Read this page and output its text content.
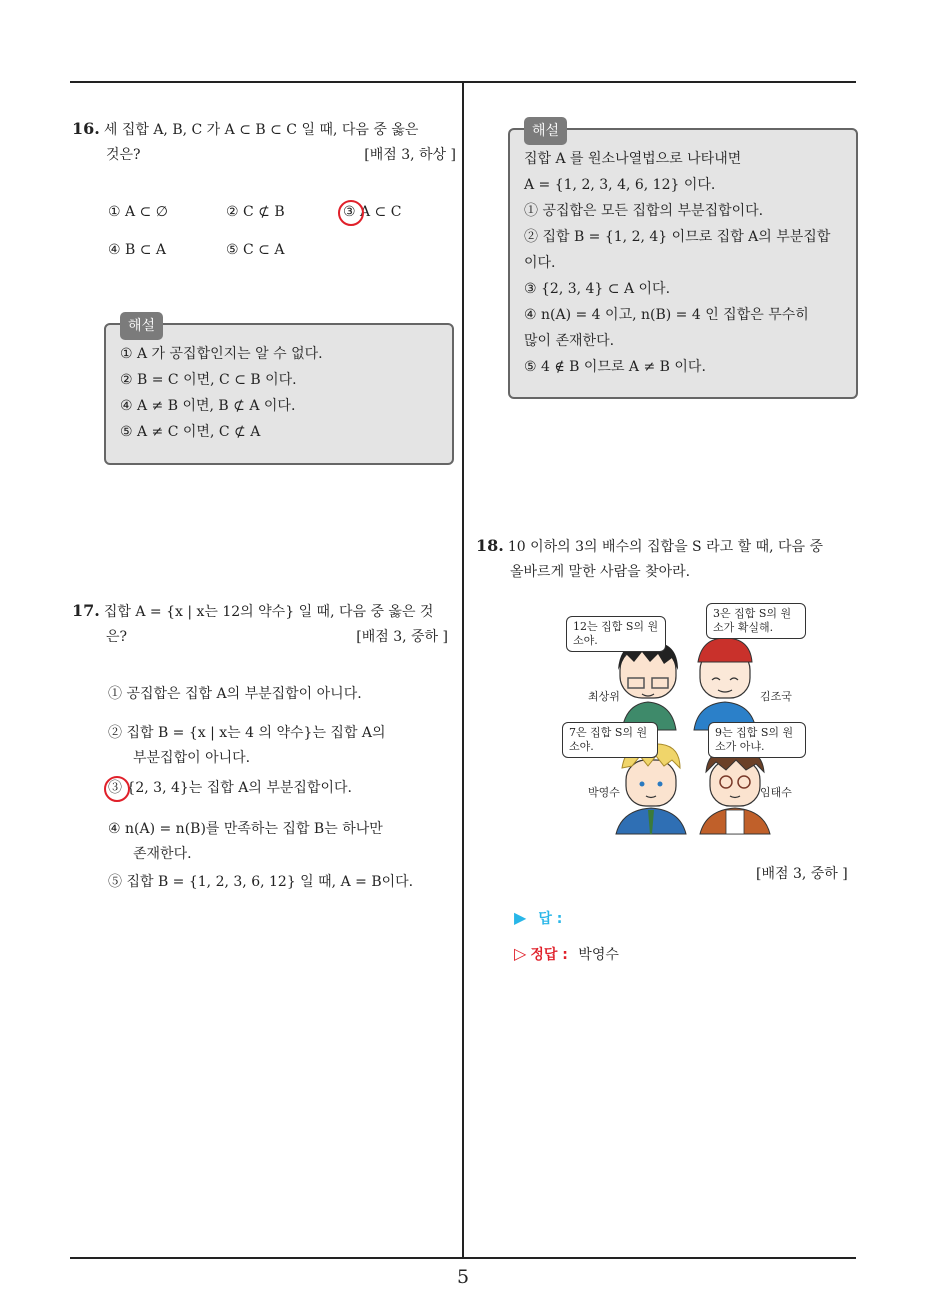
16. 세 집합 A, B, C 가 A ⊂ B ⊂ C 일 때, 다음 중 옳은
것은?	[배점 3, 하상 ]
① A ⊂ ∅	② C ⊄ B	③ A ⊂ C
④ B ⊂ A	⑤ C ⊂ A
해설
① A 가 공집합인지는 알 수 없다.
② B = C 이면, C ⊂ B 이다.
④ A ≠ B 이면, B ⊄ A 이다.
⑤ A ≠ C 이면, C ⊄ A
17. 집합 A = {x | x는 12의 약수} 일 때, 다음 중 옳은 것
은?	[배점 3, 중하 ]
① 공집합은 집합 A의 부분집합이 아니다.
② 집합 B = {x | x는 4 의 약수}는 집합 A의
부분집합이 아니다.
③ {2, 3, 4}는 집합 A의 부분집합이다.
④ n(A) = n(B)를 만족하는 집합 B는 하나만
존재한다.
⑤ 집합 B = {1, 2, 3, 6, 12} 일 때, A = B이다.
해설
집합 A 를 원소나열법으로 나타내면
A = {1, 2, 3, 4, 6, 12} 이다.
① 공집합은 모든 집합의 부분집합이다.
② 집합 B = {1, 2, 4} 이므로 집합 A의 부분집합
이다.
③ {2, 3, 4} ⊂ A 이다.
④ n(A) = 4 이고, n(B) = 4 인 집합은 무수히
많이 존재한다.
⑤ 4 ∉ B 이므로 A ≠ B 이다.
18. 10 이하의 3의 배수의 집합을 S 라고 할 때, 다음 중
올바르게 말한 사람을 찾아라.
12는 집합 S의 원소야.
3은 집합 S의 원소가 확실해.
7은 집합 S의 원소야.
9는 집합 S의 원소가 아냐.
최상위	김조국
박영수	임태수
[배점 3, 중하 ]
▶ 답 :
▷ 정답 : 박영수
5
